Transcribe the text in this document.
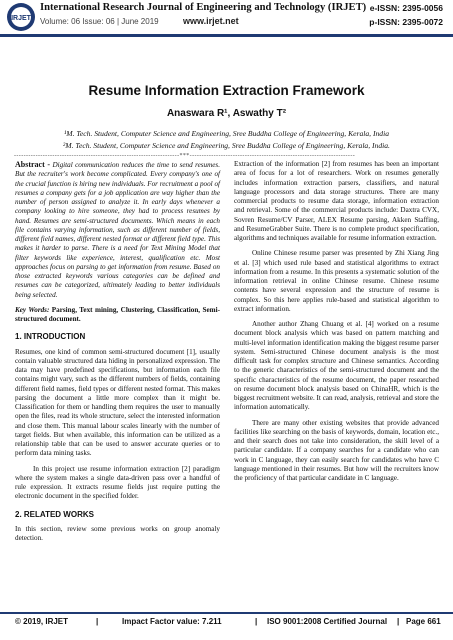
IRJET
International Research Journal of Engineering and Technology (IRJET)
Volume: 06 Issue: 06 | June 2019	www.irjet.net
e-ISSN: 2395-0056
p-ISSN: 2395-0072
Resume Information Extraction Framework
Anaswara R¹, Aswathy T²
¹M. Tech. Student, Computer Science and Engineering, Sree Buddha College of Engineering, Kerala, India
²M. Tech. Student, Computer Science and Engineering, Sree Buddha College of Engineering, Kerala, India.
---------------------------------------------------------------------***---------------------------------------------------------------------

Abstract - Digital communication reduces the time to send resumes. But the recruiter's work become complicated. Every company's one of the crucial function is hiring new individuals. For recruitment a pool of resumes a company gets for a job application are way higher than the number of person assigned to analyze it. In early days whenever a company looking to hire someone, they had to process resumes by hand. Resumes are semi-structured documents. Which means in each file contains varying information, such as different number of fields, different field names, different nested format or different field type. This makes it harder to parse. There is a need for Text Mining Model that filter keywords like experience, interest, qualification etc. Most approaches focus on parsing to get information from resume. Based on those extracted keywords various categories can be defined and resumes can be categorized, ultimately leading to better individuals being selected.

Key Words: Parsing, Text mining, Clustering, Classification, Semi-structured document.

1. INTRODUCTION

Resumes, one kind of common semi-structured document [1], usually contain valuable structured data hiding in personalized expression. The data may have predefined specifications, but information each file contains might vary, such as the different numbers of fields, containing different field names, field types or different nested format. This makes parsing the document a little more complex than it might be. Classification for them or handling them requires the user to manually open the files, read its whole structure, select the interested information and close them. This manual labour scales linearly with the number of target fields. But when available, this information can be utilized as a relationship table that can be used to answer accurate queries or to perform data mining tasks.

In this project use resume information extraction [2] paradigm where the system makes a single data-driven pass over a handful of rule expression. It extracts resume fields just require putting the electronic document in the specified folder.

2. RELATED WORKS

In this section, review some previous works on group anomaly detection.

Extraction of the information [2] from resumes has been an important area of focus for a lot of researchers. Work on resumes generally includes information extraction parsers, classifiers, and natural language processors and data storage structures. There are many commercial products to resume data storage, information extraction and retrieval. Some of the commercial products include: Daxtra CVX, Sovren Resume/CV Parser, ALEX Resume parsing, Akken Staffing, and ResumeGrabber Suite. There is no complete product specification, algorithms and techniques available for resume information extraction.

Online Chinese resume parser was presented by Zhi Xiang Jing et al. [3] which used rule based and statistical algorithms to extract information from a resume. In this presents a systematic solution of the information retrieval in online Chinese resume. Chinese resume contents have several expression and the structure of resume is complex. So this here applies rule-based and statistical algorithm to extract information.

Another author Zhang Chuang et al. [4] worked on a resume document block analysis which was based on pattern matching and multi-level information identification making the biggest resume parser system. Semi-structured Chinese document analysis is the most difficult task for complex structure and Chinese semantics. According to the generic characteristics of the semi-structured document and the specific characteristics of the resume document, the paper researched on resume document block analysis based on ChinaHR, which is the biggest recruitment website. It can read, analysis, retrieval and store the information automatically.

There are many other existing websites that provide advanced facilities like searching on the basis of keywords, domain, location etc., and their search does not take into consideration, the skill level of a particular candidate. If a company searches for a candidate who can work in C language, they can easily search for candidates who have C language mentioned in their resumes. But how will the recruiters know the proficiency of that particular candidate in C language.

© 2019, IRJET	|	Impact Factor value: 7.211	| ISO 9001:2008 Certified Journal | Page 661
